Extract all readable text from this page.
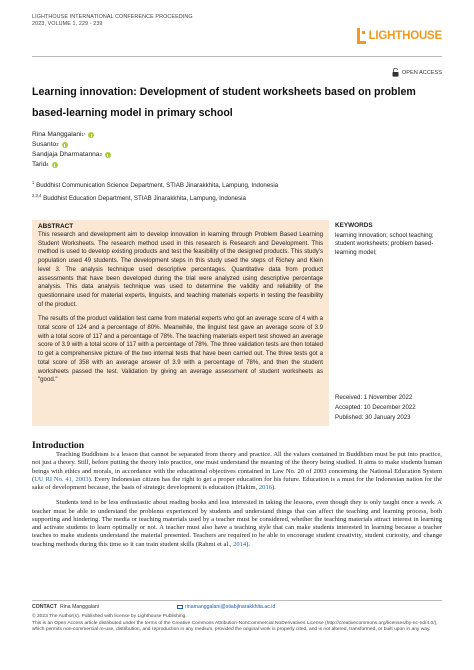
LIGHTHOUSE INTERNATIONAL CONFERENCE PROCEEDING
2023, VOLUME 1, 229 - 239
LIGHTHOUSE
OPEN ACCESS
Learning innovation: Development of student worksheets based on problem based-learning model in primary school
Rina Manggalani 1*
Susanto 2
Sandjaja Dharmatanna 3
Tarid 4
$^1$ Buddhist Communication Science Department, STIAB Jinarakkhita, Lampung, Indonesia
$^{2,3,4}$ Buddhist Education Department, STIAB Jinarakkhita, Lampung, Indonesia
ABSTRACT

This research and development aim to develop innovation in learning through Problem Based Learning Student Worksheets. The research method used in this research is Research and Development. This method is used to develop existing products and test the feasibility of the designed products. This study's population used 49 students. The development steps in this study used the steps of Richey and Klein level 3. The analysis technique used descriptive percentages. Quantitative data from product assessments that have been developed during the trial were analyzed using descriptive percentage analysis. This data analysis technique was used to determine the validity and reliability of the questionnaire used for material experts, linguists, and teaching materials experts in testing the feasibility of the product.

The results of the product validation test came from material experts who got an average score of 4 with a total score of 124 and a percentage of 80%. Meanwhile, the linguist test gave an average score of 3.9 with a total score of 117 and a percentage of 78%. The teaching materials expert test showed an average score of 3.9 with a total score of 117 with a percentage of 78%. The three validation tests are then totaled to get a comprehensive picture of the two internal tests that have been carried out. The three tests got a total score of 358 with an average answer of 3.9 with a percentage of 78%, and then the student worksheets passed the test. Validation by giving an average assessment of student worksheets as "good."

KEYWORDS
learning innovation; school teaching; student worksheets; problem based-learning model;
Received: 1 November 2022
Accepted: 10 December 2022
Published: 30 January 2023
Introduction

Teaching Buddhism is a lesson that cannot be separated from theory and practice. All the values contained in Buddhism must be put into practice, not just a theory. Still, before putting the theory into practice, one must understand the meaning of the theory being studied. It aims to make students human beings with ethics and morals, in accordance with the educational objectives contained in Law No. 20 of 2003 concerning the National Education System (UU RI No. 41, 2003). Every Indonesian citizen has the right to get a proper education for his future. Education is a must for the Indonesian nation for the sake of development because, the basis of strategic development is education (Hakim, 2016).

Students tend to be less enthusiastic about reading books and less interested in taking the lessons, even though they is only taught once a week. A teacher must be able to understand the problems experienced by students and understand things that can affect the teaching and learning process, both supporting and hindering. The media or teaching materials used by a teacher must be considered, whether the teaching materials attract interest in learning and activate students to learn optimally or not. A teacher must also have a teaching style that can make students interested in learning because a teacher teaches to make students understand the material presented. Teachers are required to be able to encourage student creativity, student curiosity, and change teaching methods during this time so it can train student skills (Rahmi et al., 2014).

CONTACT Rina Manggalani	rinamanggalani@stiabjinarakkhita.ac.id
© 2023 The Author(s). Published with license by Lighthouse Publishing.
This is an Open Access article distributed under the terms of the Creative Commons Attribution-NonCommercial NoDerivatives License (http://creativecommons.org/licenses/by-nc-nd/4.0/), which permits non-commercial re-use, distribution, and reproduction in any medium, provided the original work is properly cited, and is not altered, transformed, or built upon in any way.
